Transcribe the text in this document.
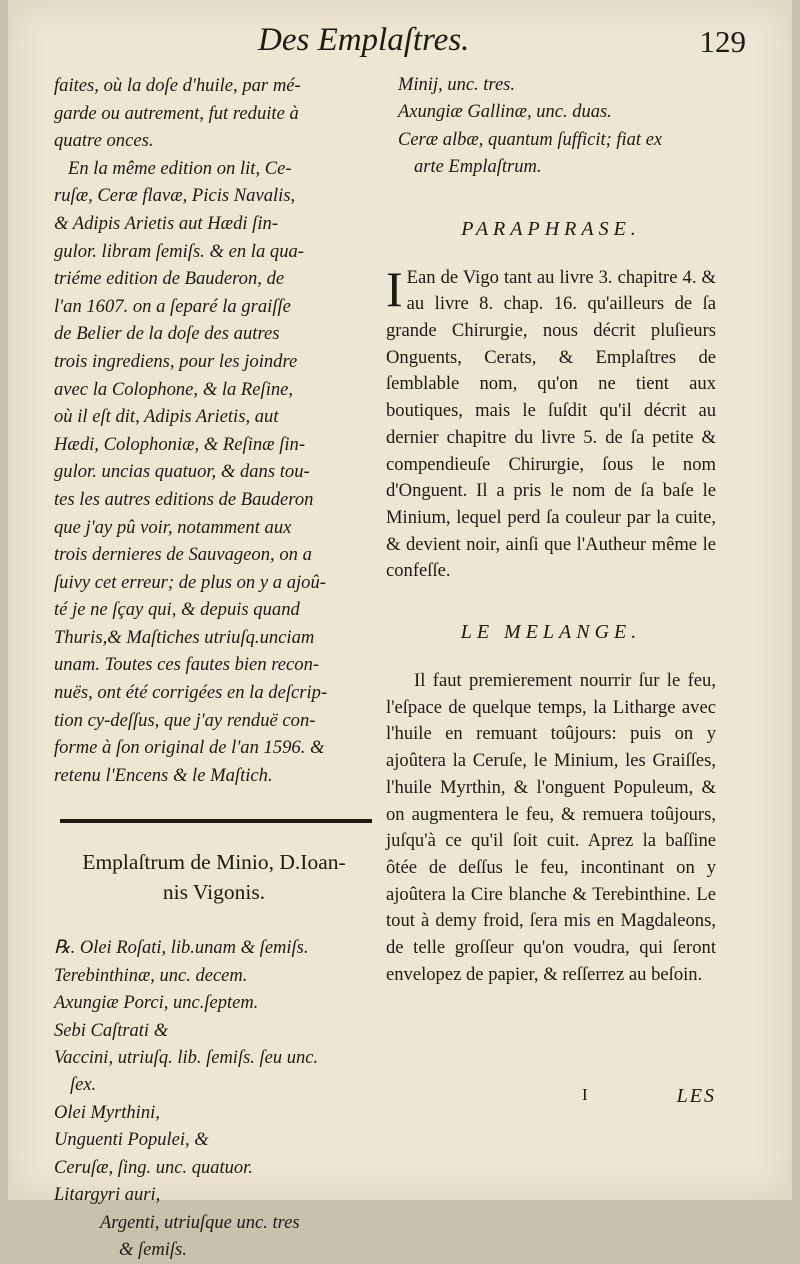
Des Emplaſtres.	129

faites, où la doſe d'huile, par mé-

garde ou autrement, fut reduite à

quatre onces.

En la même edition on lit, Ce-

ruſæ, Ceræ flavæ, Picis Navalis,

& Adipis Arietis aut Hædi ſin-

gulor. libram ſemiſs. & en la qua-

triéme edition de Bauderon, de

l'an 1607. on a ſeparé la graiſſe

de Belier de la doſe des autres

trois ingrediens, pour les joindre

avec la Colophone, & la Reſine,

où il eſt dit, Adipis Arietis, aut

Hædi, Colophoniæ, & Reſinæ ſin-

gulor. uncias quatuor, & dans tou-

tes les autres editions de Bauderon

que j'ay pû voir, notamment aux

trois dernieres de Sauvageon, on a

ſuivy cet erreur; de plus on y a ajoû-

té je ne ſçay qui, & depuis quand

Thuris,& Maſtiches utriuſq.unciam

unam. Toutes ces fautes bien recon-

nuës, ont été corrigées en la deſcrip-

tion cy-deſſus, que j'ay renduë con-

forme à ſon original de l'an 1596. &

retenu l'Encens & le Maſtich.

Emplaſtrum de Minio, D.Ioan-
nis Vigonis.
℞. Olei Roſati, lib.unam & ſemiſs.
Terebinthinæ, unc. decem.
Axungiæ Porci, unc.ſeptem.
Sebi Caſtrati &
Vaccini, utriuſq. lib. ſemiſs. ſeu unc.
ſex.
Olei Myrthini,
Unguenti Populei, &
Ceruſæ, ſing. unc. quatuor.
Litargyri auri,
Argenti, utriuſque unc. tres
& ſemiſs.
Minij, unc. tres.
Axungiæ Gallinæ, unc. duas.
Ceræ albæ, quantum ſufficit; fiat ex
arte Emplaſtrum.
PARAPHRASE.
I Ean de Vigo tant au livre 3. chapitre 4. & au livre 8. chap. 16. qu'ailleurs de ſa grande Chirurgie, nous décrit pluſieurs Onguents, Cerats, & Emplaſtres de ſemblable nom, qu'on ne tient aux boutiques, mais le ſuſdit qu'il décrit au dernier chapitre du livre 5. de ſa petite & compendieuſe Chirurgie, ſous le nom d'Onguent. Il a pris le nom de ſa baſe le Minium, lequel perd ſa couleur par la cuite, & devient noir, ainſi que l'Autheur même le confeſſe.
LE MELANGE.
Il faut premierement nourrir ſur le feu, l'eſpace de quelque temps, la Litharge avec l'huile en remuant toûjours: puis on y ajoûtera la Ceruſe, le Minium, les Graiſſes, l'huile Myrthin, & l'onguent Populeum, & on augmentera le feu, & remuera toûjours, juſqu'à ce qu'il ſoit cuit. Aprez la baſſine ôtée de deſſus le feu, incontinant on y ajoûtera la Cire blanche & Terebinthine. Le tout à demy froid, ſera mis en Magdaleons, de telle groſſeur qu'on voudra, qui ſeront envelopez de papier, & reſſerrez au beſoin.
I	LES
